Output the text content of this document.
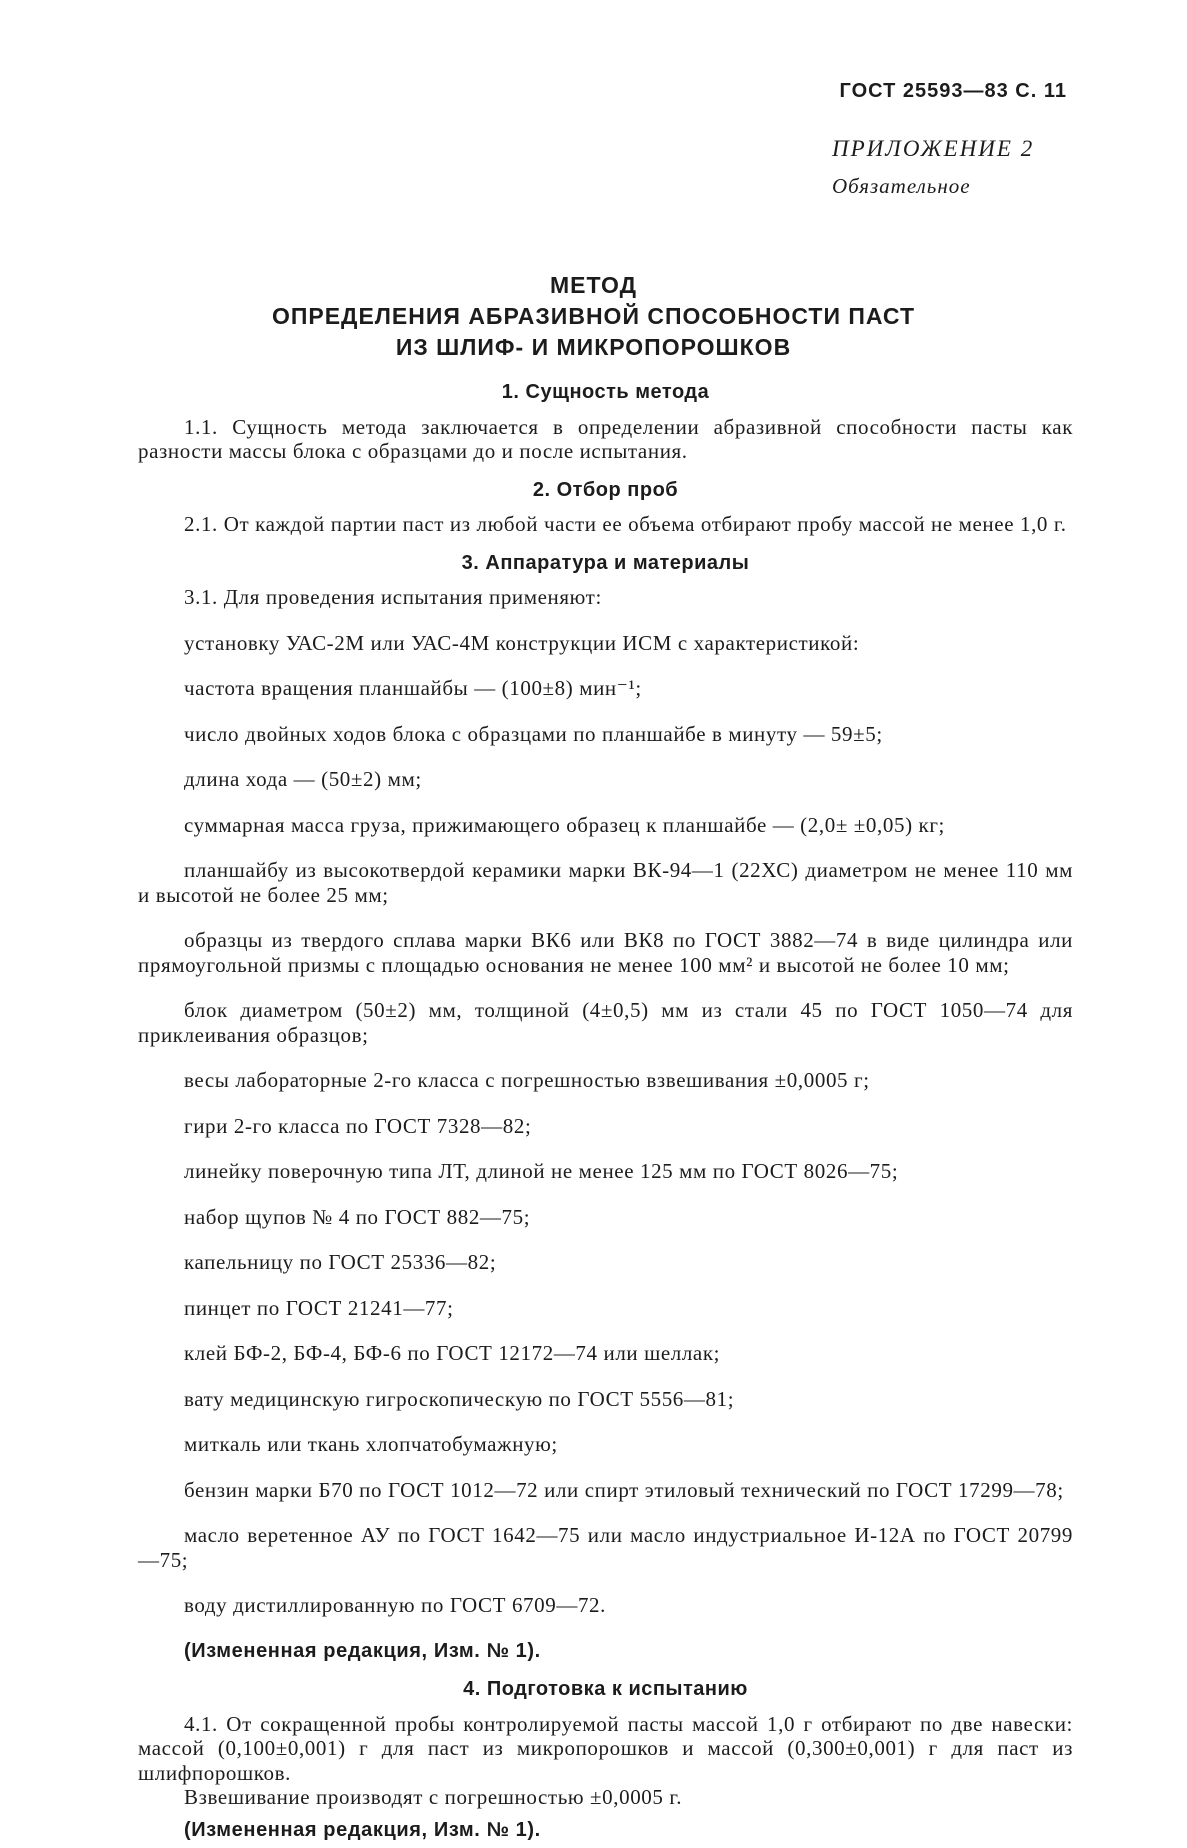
ГОСТ 25593—83 С. 11
ПРИЛОЖЕНИЕ 2
Обязательное
МЕТОД
ОПРЕДЕЛЕНИЯ АБРАЗИВНОЙ СПОСОБНОСТИ ПАСТ
ИЗ ШЛИФ- И МИКРОПОРОШКОВ
1. Сущность метода

1.1. Сущность метода заключается в определении абразивной способности пасты как разности массы блока с образцами до и после испытания.

2. Отбор проб

2.1. От каждой партии паст из любой части ее объема отбирают пробу массой не менее 1,0 г.

3. Аппаратура и материалы

3.1. Для проведения испытания применяют:

установку УАС-2М или УАС-4М конструкции ИСМ с характеристикой:

частота вращения планшайбы — (100±8) мин⁻¹;

число двойных ходов блока с образцами по планшайбе в минуту — 59±5;

длина хода — (50±2) мм;

суммарная масса груза, прижимающего образец к планшайбе — (2,0± ±0,05) кг;

планшайбу из высокотвердой керамики марки ВК-94—1 (22ХС) диаметром не менее 110 мм и высотой не более 25 мм;

образцы из твердого сплава марки ВК6 или ВК8 по ГОСТ 3882—74 в виде цилиндра или прямоугольной призмы с площадью основания не менее 100 мм² и высотой не более 10 мм;

блок диаметром (50±2) мм, толщиной (4±0,5) мм из стали 45 по ГОСТ 1050—74 для приклеивания образцов;

весы лабораторные 2-го класса с погрешностью взвешивания ±0,0005 г;

гири 2-го класса по ГОСТ 7328—82;

линейку поверочную типа ЛТ, длиной не менее 125 мм по ГОСТ 8026—75;

набор щупов № 4 по ГОСТ 882—75;

капельницу по ГОСТ 25336—82;

пинцет по ГОСТ 21241—77;

клей БФ-2, БФ-4, БФ-6 по ГОСТ 12172—74 или шеллак;

вату медицинскую гигроскопическую по ГОСТ 5556—81;

миткаль или ткань хлопчатобумажную;

бензин марки Б70 по ГОСТ 1012—72 или спирт этиловый технический по ГОСТ 17299—78;

масло веретенное АУ по ГОСТ 1642—75 или масло индустриальное И-12А по ГОСТ 20799—75;

воду дистиллированную по ГОСТ 6709—72.

(Измененная редакция, Изм. № 1).
4. Подготовка к испытанию

4.1. От сокращенной пробы контролируемой пасты массой 1,0 г отбирают по две навески: массой (0,100±0,001) г для паст из микропорошков и массой (0,300±0,001) г для паст из шлифпорошков.

Взвешивание производят с погрешностью ±0,0005 г.

(Измененная редакция, Изм. № 1).
